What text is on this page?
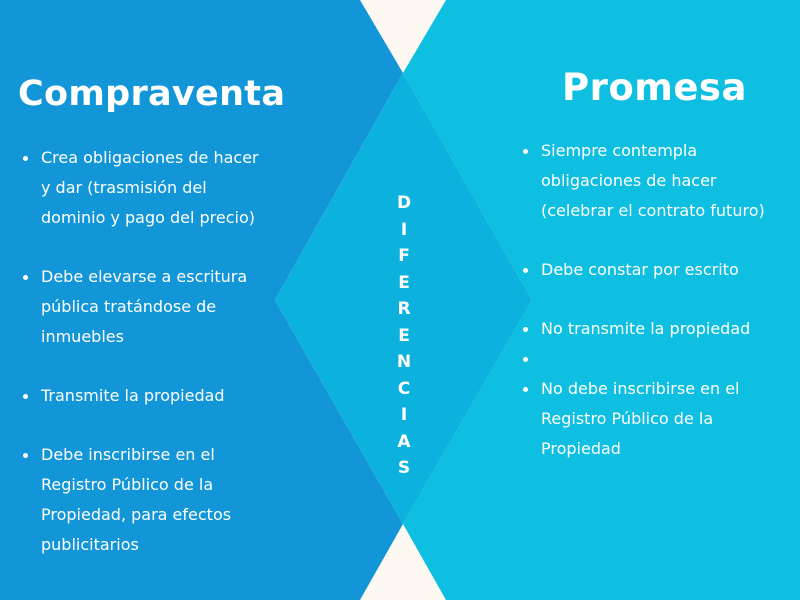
Compraventa	Promesa
Crea obligaciones de hacer
y dar (trasmisión del
dominio y pago del precio)
Debe elevarse a escritura
pública tratándose de
inmuebles
Transmite la propiedad
Debe inscribirse en el
Registro Público de la
Propiedad, para efectos
publicitarios
D
I
F
E
R
E
N
C
I
A
S
Siempre contempla
obligaciones de hacer
(celebrar el contrato futuro)
Debe constar por escrito
No transmite la propiedad
No debe inscribirse en el
Registro Público de la
Propiedad
